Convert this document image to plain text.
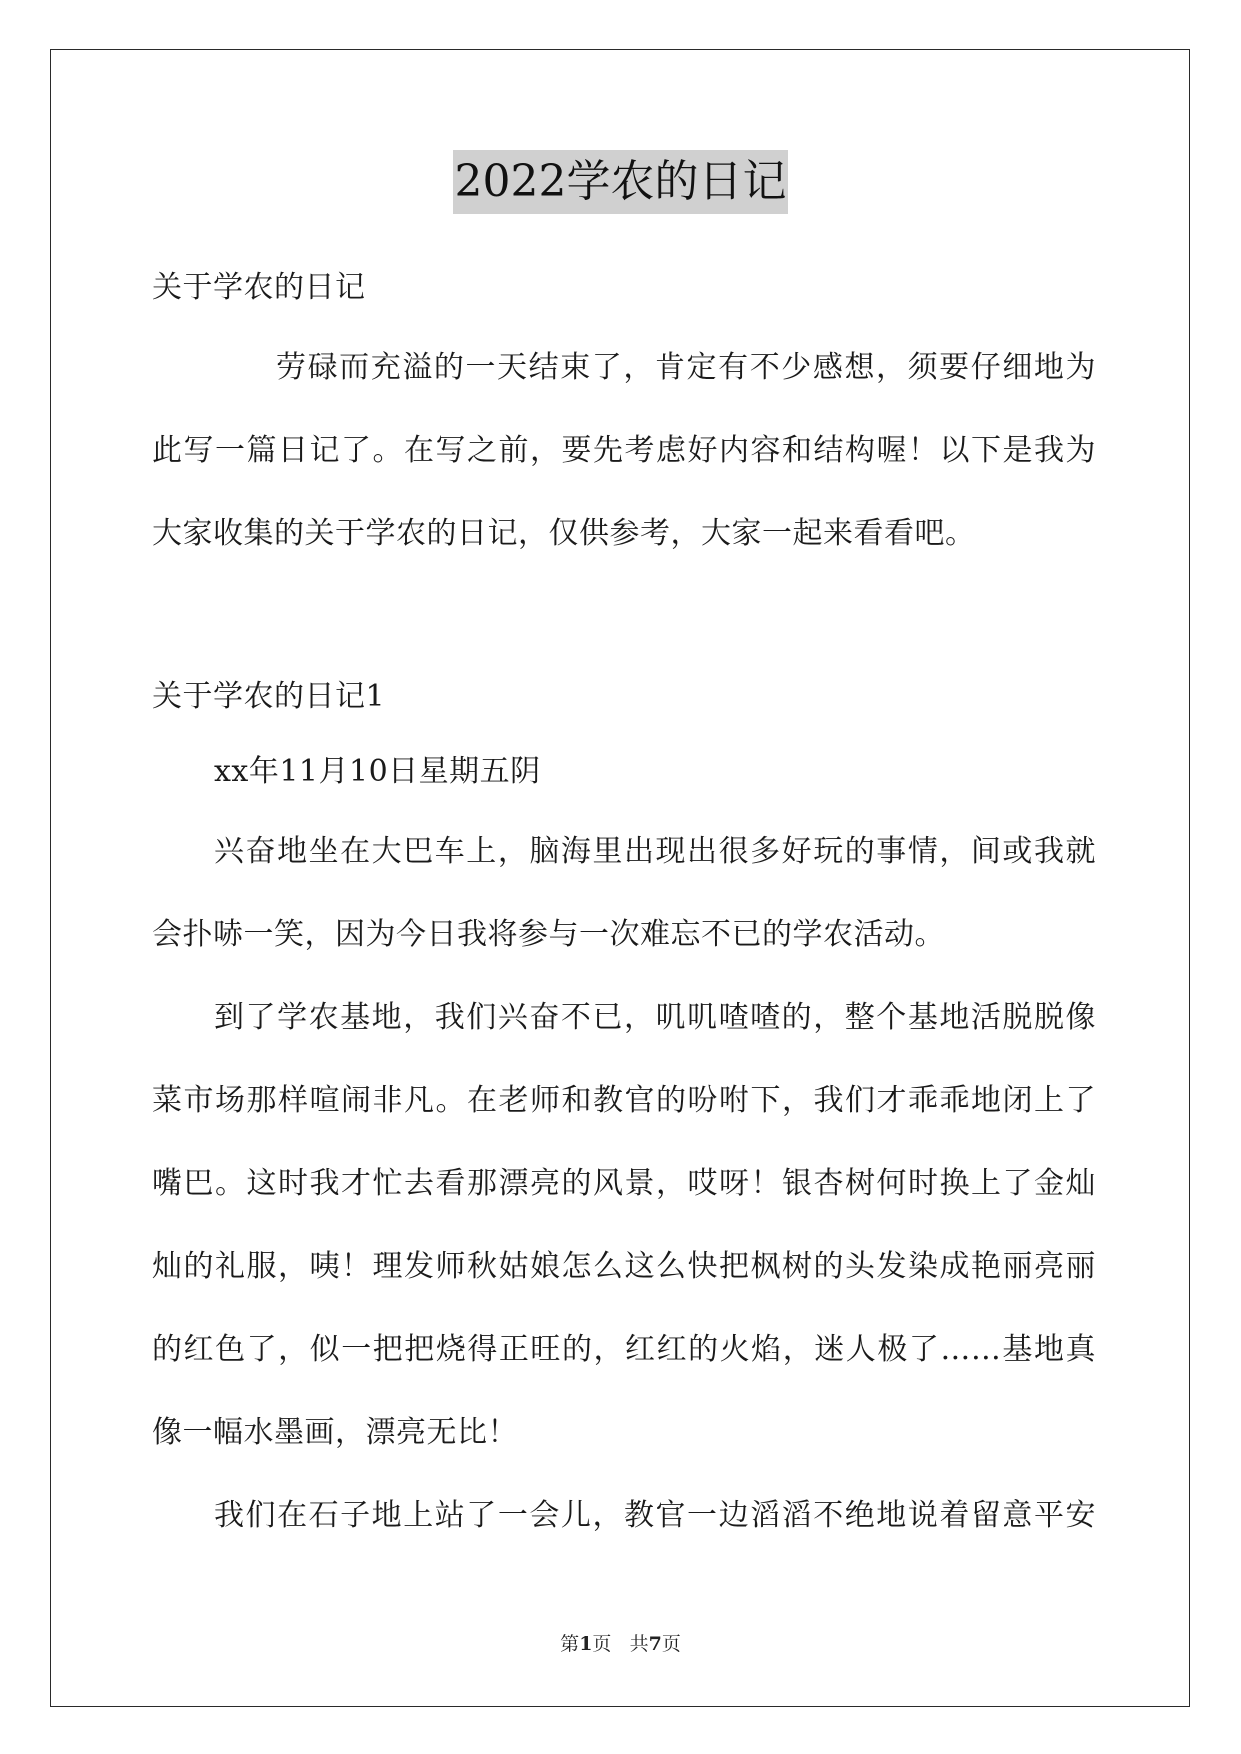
2022学农的日记
关于学农的日记
劳碌而充溢的一天结束了，肯定有不少感想，须要仔细地为
此写一篇日记了。在写之前，要先考虑好内容和结构喔！以下是我为
大家收集的关于学农的日记，仅供参考，大家一起来看看吧。
关于学农的日记1
xx年11月10日星期五阴
兴奋地坐在大巴车上，脑海里出现出很多好玩的事情，间或我就
会扑哧一笑，因为今日我将参与一次难忘不已的学农活动。
到了学农基地，我们兴奋不已，叽叽喳喳的，整个基地活脱脱像
菜市场那样喧闹非凡。在老师和教官的吩咐下，我们才乖乖地闭上了
嘴巴。这时我才忙去看那漂亮的风景，哎呀！银杏树何时换上了金灿
灿的礼服，咦！理发师秋姑娘怎么这么快把枫树的头发染成艳丽亮丽
的红色了，似一把把烧得正旺的，红红的火焰，迷人极了……基地真
像一幅水墨画，漂亮无比！
我们在石子地上站了一会儿，教官一边滔滔不绝地说着留意平安
第1页 共7页
